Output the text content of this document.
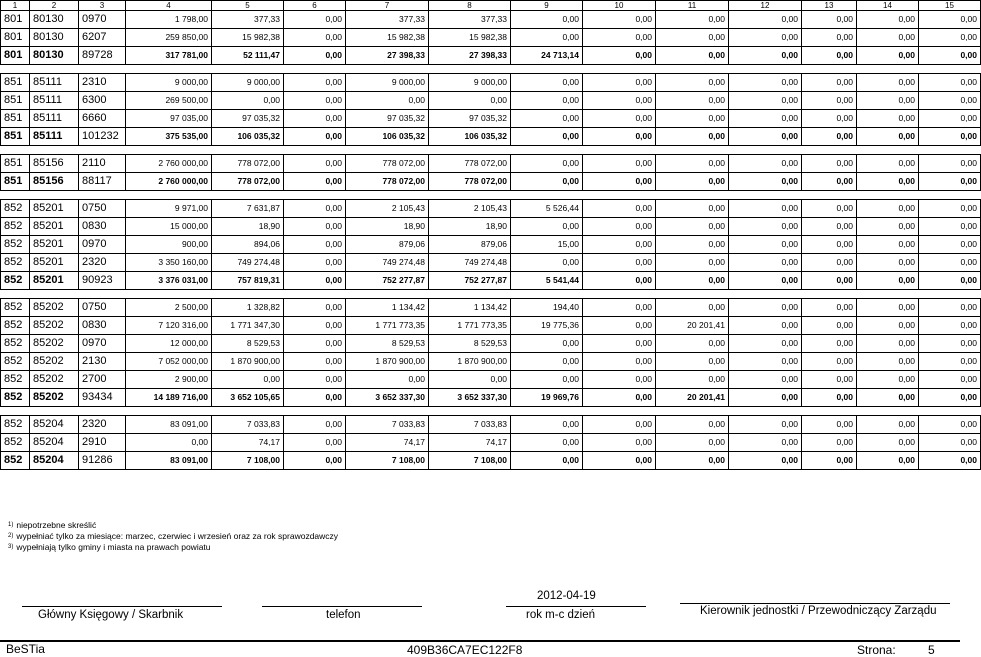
1	2	3	4	5	6	7	8	9	10	11	12	13	14	15
801	80130	0970	1 798,00	377,33	0,00	377,33	377,33	0,00	0,00	0,00	0,00	0,00	0,00	0,00
801	80130	6207	259 850,00	15 982,38	0,00	15 982,38	15 982,38	0,00	0,00	0,00	0,00	0,00	0,00	0,00
801	80130	89728	317 781,00	52 111,47	0,00	27 398,33	27 398,33	24 713,14	0,00	0,00	0,00	0,00	0,00	0,00

851	85111	2310	9 000,00	9 000,00	0,00	9 000,00	9 000,00	0,00	0,00	0,00	0,00	0,00	0,00	0,00
851	85111	6300	269 500,00	0,00	0,00	0,00	0,00	0,00	0,00	0,00	0,00	0,00	0,00	0,00
851	85111	6660	97 035,00	97 035,32	0,00	97 035,32	97 035,32	0,00	0,00	0,00	0,00	0,00	0,00	0,00
851	85111	101232	375 535,00	106 035,32	0,00	106 035,32	106 035,32	0,00	0,00	0,00	0,00	0,00	0,00	0,00

851	85156	2110	2 760 000,00	778 072,00	0,00	778 072,00	778 072,00	0,00	0,00	0,00	0,00	0,00	0,00	0,00
851	85156	88117	2 760 000,00	778 072,00	0,00	778 072,00	778 072,00	0,00	0,00	0,00	0,00	0,00	0,00	0,00

852	85201	0750	9 971,00	7 631,87	0,00	2 105,43	2 105,43	5 526,44	0,00	0,00	0,00	0,00	0,00	0,00
852	85201	0830	15 000,00	18,90	0,00	18,90	18,90	0,00	0,00	0,00	0,00	0,00	0,00	0,00
852	85201	0970	900,00	894,06	0,00	879,06	879,06	15,00	0,00	0,00	0,00	0,00	0,00	0,00
852	85201	2320	3 350 160,00	749 274,48	0,00	749 274,48	749 274,48	0,00	0,00	0,00	0,00	0,00	0,00	0,00
852	85201	90923	3 376 031,00	757 819,31	0,00	752 277,87	752 277,87	5 541,44	0,00	0,00	0,00	0,00	0,00	0,00

852	85202	0750	2 500,00	1 328,82	0,00	1 134,42	1 134,42	194,40	0,00	0,00	0,00	0,00	0,00	0,00
852	85202	0830	7 120 316,00	1 771 347,30	0,00	1 771 773,35	1 771 773,35	19 775,36	0,00	20 201,41	0,00	0,00	0,00	0,00
852	85202	0970	12 000,00	8 529,53	0,00	8 529,53	8 529,53	0,00	0,00	0,00	0,00	0,00	0,00	0,00
852	85202	2130	7 052 000,00	1 870 900,00	0,00	1 870 900,00	1 870 900,00	0,00	0,00	0,00	0,00	0,00	0,00	0,00
852	85202	2700	2 900,00	0,00	0,00	0,00	0,00	0,00	0,00	0,00	0,00	0,00	0,00	0,00
852	85202	93434	14 189 716,00	3 652 105,65	0,00	3 652 337,30	3 652 337,30	19 969,76	0,00	20 201,41	0,00	0,00	0,00	0,00

852	85204	2320	83 091,00	7 033,83	0,00	7 033,83	7 033,83	0,00	0,00	0,00	0,00	0,00	0,00	0,00
852	85204	2910	0,00	74,17	0,00	74,17	74,17	0,00	0,00	0,00	0,00	0,00	0,00	0,00
852	85204	91286	83 091,00	7 108,00	0,00	7 108,00	7 108,00	0,00	0,00	0,00	0,00	0,00	0,00	0,00
$^{1)}$ niepotrzebne skreślić
$^{2)}$ wypełniać tylko za miesiące: marzec, czerwiec i wrzesień oraz za rok sprawozdawczy
$^{3)}$ wypełniają tylko gminy i miasta na prawach powiatu
Główny Księgowy / Skarbnik	telefon
2012-04-19
rok m-c dzień	Kierownik jednostki / Przewodniczący Zarządu
BeSTia	409B36CA7EC122F8	Strona:	5
